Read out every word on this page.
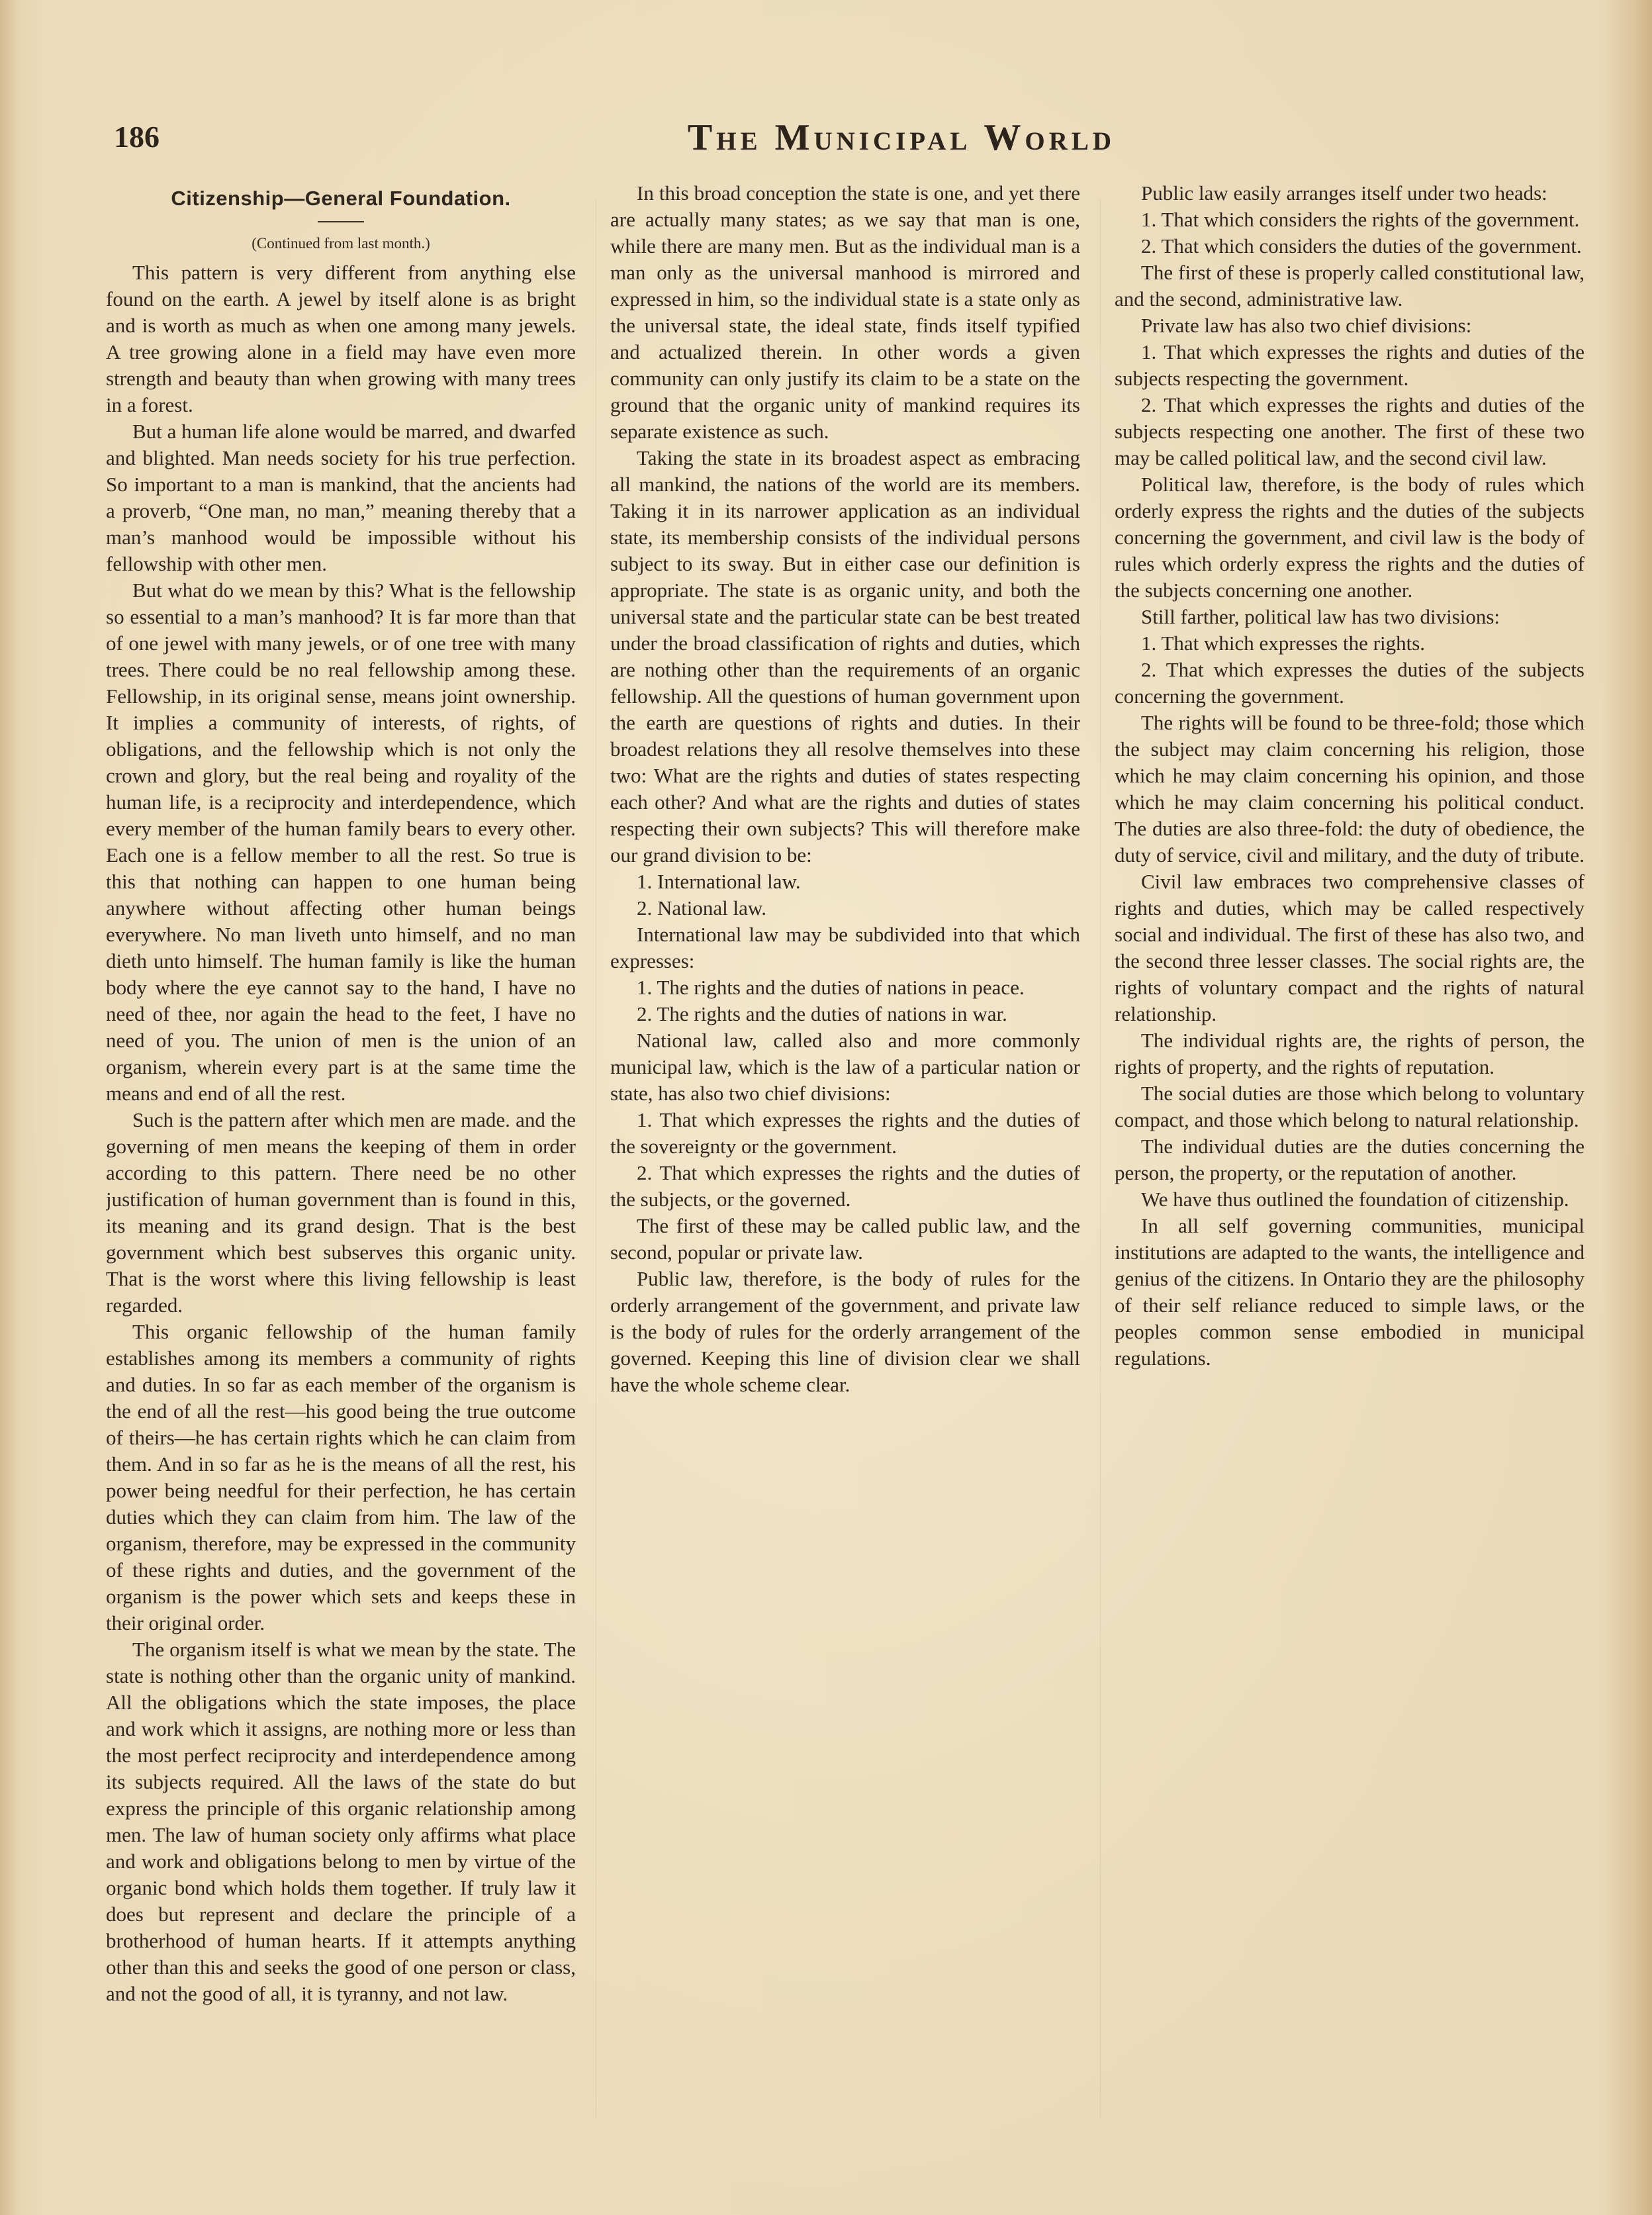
186	The Municipal World
Citizenship—General Foundation.
(Continued from last month.)

This pattern is very different from anything else found on the earth. A jewel by itself alone is as bright and is worth as much as when one among many jewels. A tree growing alone in a field may have even more strength and beauty than when growing with many trees in a forest.

But a human life alone would be marred, and dwarfed and blighted. Man needs society for his true perfection. So important to a man is mankind, that the ancients had a proverb, “One man, no man,” meaning thereby that a man’s manhood would be impossible without his fellowship with other men.

But what do we mean by this? What is the fellowship so essential to a man’s manhood? It is far more than that of one jewel with many jewels, or of one tree with many trees. There could be no real fellowship among these. Fellowship, in its original sense, means joint ownership. It implies a community of interests, of rights, of obligations, and the fellowship which is not only the crown and glory, but the real being and royality of the human life, is a reciprocity and interdependence, which every member of the human family bears to every other. Each one is a fellow member to all the rest. So true is this that nothing can happen to one human being anywhere without affecting other human beings everywhere. No man liveth unto himself, and no man dieth unto himself. The human family is like the human body where the eye cannot say to the hand, I have no need of thee, nor again the head to the feet, I have no need of you. The union of men is the union of an organism, wherein every part is at the same time the means and end of all the rest.

Such is the pattern after which men are made. and the governing of men means the keeping of them in order according to this pattern. There need be no other justification of human government than is found in this, its meaning and its grand design. That is the best government which best subserves this organic unity. That is the worst where this living fellowship is least regarded.

This organic fellowship of the human family establishes among its members a community of rights and duties. In so far as each member of the organism is the end of all the rest—his good being the true outcome of theirs—he has certain rights which he can claim from them. And in so far as he is the means of all the rest, his power being needful for their perfection, he has certain duties which they can claim from him. The law of the organism, therefore, may be expressed in the community of these rights and duties, and the government of the organism is the power which sets and keeps these in their original order.

The organism itself is what we mean by the state. The state is nothing other than the organic unity of mankind. All the obligations which the state imposes, the place and work which it assigns, are nothing more or less than the most perfect reciprocity and interdependence among its subjects required. All the laws of the state do but express the principle of this organic relationship among men. The law of human society only affirms what place and work and obligations belong to men by virtue of the organic bond which holds them together. If truly law it does but represent and declare the principle of a brotherhood of human hearts. If it attempts anything other than this and seeks the good of one person or class, and not the good of all, it is tyranny, and not law.

In this broad conception the state is one, and yet there are actually many states; as we say that man is one, while there are many men. But as the individual man is a man only as the universal manhood is mirrored and expressed in him, so the individual state is a state only as the universal state, the ideal state, finds itself typified and actualized therein. In other words a given community can only justify its claim to be a state on the ground that the organic unity of mankind requires its separate existence as such.

Taking the state in its broadest aspect as embracing all mankind, the nations of the world are its members. Taking it in its narrower application as an individual state, its membership consists of the individual persons subject to its sway. But in either case our definition is appropriate. The state is as organic unity, and both the universal state and the particular state can be best treated under the broad classification of rights and duties, which are nothing other than the requirements of an organic fellowship. All the questions of human government upon the earth are questions of rights and duties. In their broadest relations they all resolve themselves into these two: What are the rights and duties of states respecting each other? And what are the rights and duties of states respecting their own subjects? This will therefore make our grand division to be:

1. International law.

2. National law.

International law may be subdivided into that which expresses:

1. The rights and the duties of nations in peace.

2. The rights and the duties of nations in war.

National law, called also and more commonly municipal law, which is the law of a particular nation or state, has also two chief divisions:

1. That which expresses the rights and the duties of the sovereignty or the government.

2. That which expresses the rights and the duties of the subjects, or the governed.

The first of these may be called public law, and the second, popular or private law.

Public law, therefore, is the body of rules for the orderly arrangement of the government, and private law is the body of rules for the orderly arrangement of the governed. Keeping this line of division clear we shall have the whole scheme clear.

Public law easily arranges itself under two heads:

1. That which considers the rights of the government.

2. That which considers the duties of the government.

The first of these is properly called constitutional law, and the second, administrative law.

Private law has also two chief divisions:

1. That which expresses the rights and duties of the subjects respecting the government.

2. That which expresses the rights and duties of the subjects respecting one another. The first of these two may be called political law, and the second civil law.

Political law, therefore, is the body of rules which orderly express the rights and the duties of the subjects concerning the government, and civil law is the body of rules which orderly express the rights and the duties of the subjects concerning one another.

Still farther, political law has two divisions:

1. That which expresses the rights.

2. That which expresses the duties of the subjects concerning the government.

The rights will be found to be three-fold; those which the subject may claim concerning his religion, those which he may claim concerning his opinion, and those which he may claim concerning his political conduct. The duties are also three-fold: the duty of obedience, the duty of service, civil and military, and the duty of tribute.

Civil law embraces two comprehensive classes of rights and duties, which may be called respectively social and individual. The first of these has also two, and the second three lesser classes. The social rights are, the rights of voluntary compact and the rights of natural relationship.

The individual rights are, the rights of person, the rights of property, and the rights of reputation.

The social duties are those which belong to voluntary compact, and those which belong to natural relationship.

The individual duties are the duties concerning the person, the property, or the reputation of another.

We have thus outlined the foundation of citizenship.

In all self governing communities, municipal institutions are adapted to the wants, the intelligence and genius of the citizens. In Ontario they are the philosophy of their self reliance reduced to simple laws, or the peoples common sense embodied in municipal regulations.
